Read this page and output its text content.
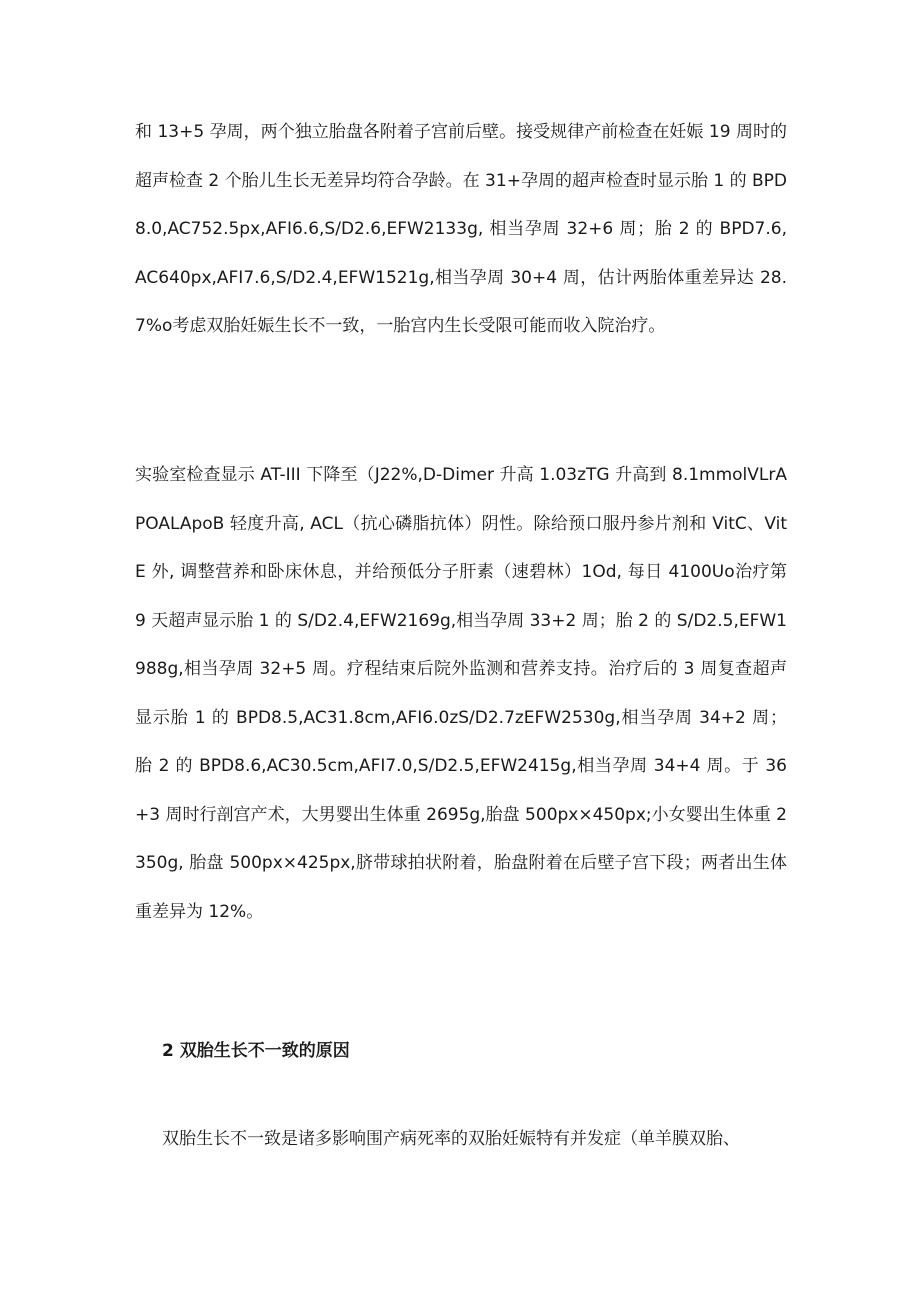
和 13+5 孕周，两个独立胎盘各附着子宫前后壁。接受规律产前检查在妊娠 19 周时的超声检查 2 个胎儿生长无差异均符合孕龄。在 31+孕周的超声检查时显示胎 1 的 BPD8.0,AC752.5px,AFI6.6,S/D2.6,EFW2133g, 相当孕周 32+6 周；胎 2 的 BPD7.6,AC640px,AFI7.6,S/D2.4,EFW1521g,相当孕周 30+4 周，估计两胎体重差异达 28.7%o考虑双胎妊娠生长不一致，一胎宫内生长受限可能而收入院治疗。

实验室检查显示 AT-III 下降至（J22%,D-Dimer 升高 1.03zTG 升高到 8.1mmolVLrAPOALApoB 轻度升高, ACL（抗心磷脂抗体）阴性。除给预口服丹参片剂和 VitC、VitE 外, 调整营养和卧床休息，并给预低分子肝素（速碧林）1Od, 每日 4100Uo治疗第 9 天超声显示胎 1 的 S/D2.4,EFW2169g,相当孕周 33+2 周；胎 2 的 S/D2.5,EFW1988g,相当孕周 32+5 周。疗程结束后院外监测和营养支持。治疗后的 3 周复查超声显示胎 1 的 BPD8.5,AC31.8cm,AFI6.0zS/D2.7zEFW2530g,相当孕周 34+2 周；胎 2 的 BPD8.6,AC30.5cm,AFI7.0,S/D2.5,EFW2415g,相当孕周 34+4 周。于 36+3 周时行剖宫产术，大男婴出生体重 2695g,胎盘 500px×450px;小女婴出生体重 2350g, 胎盘 500px×425px,脐带球拍状附着，胎盘附着在后壁子宫下段；两者出生体重差异为 12%。

2 双胎生长不一致的原因

双胎生长不一致是诸多影响围产病死率的双胎妊娠特有并发症（单羊膜双胎、
